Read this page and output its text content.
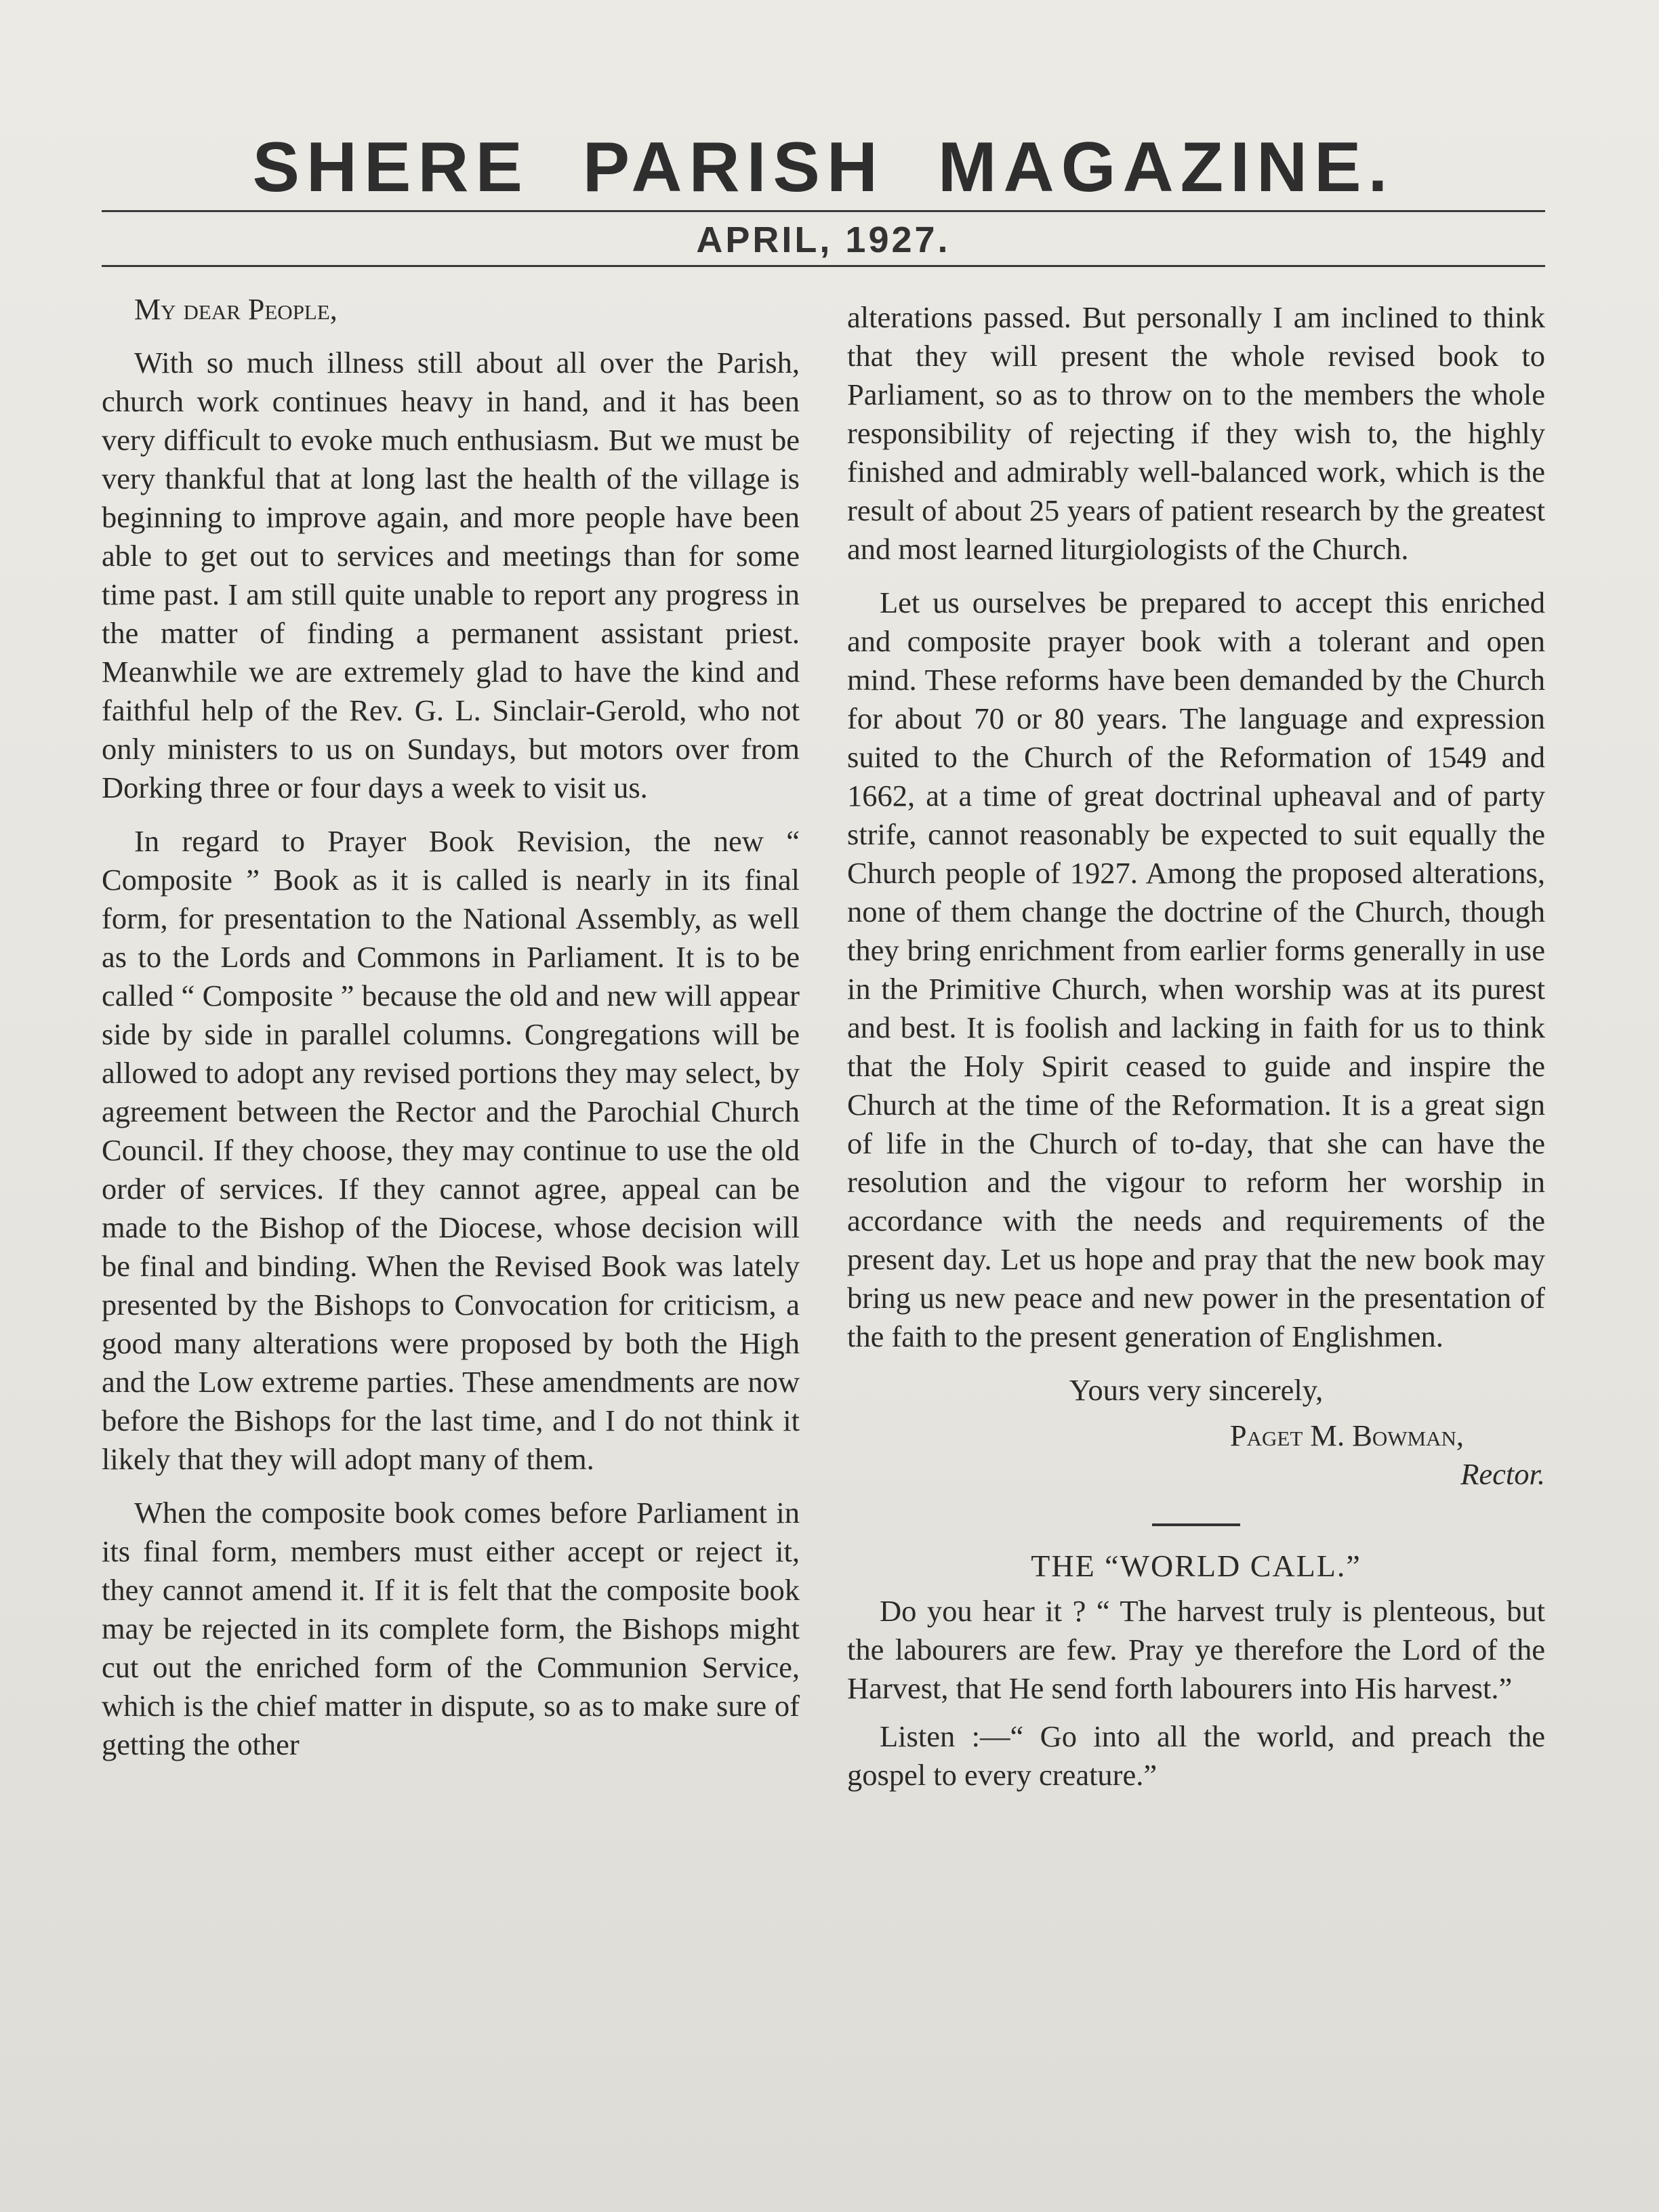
SHERE PARISH MAGAZINE.
APRIL, 1927.

My dear People,

With so much illness still about all over the Parish, church work continues heavy in hand, and it has been very difficult to evoke much enthusiasm. But we must be very thankful that at long last the health of the village is beginning to improve again, and more people have been able to get out to services and meetings than for some time past. I am still quite unable to report any progress in the matter of finding a permanent assistant priest. Meanwhile we are extremely glad to have the kind and faithful help of the Rev. G. L. Sinclair-Gerold, who not only ministers to us on Sundays, but motors over from Dorking three or four days a week to visit us.

In regard to Prayer Book Revision, the new “ Composite ” Book as it is called is nearly in its final form, for presentation to the National Assembly, as well as to the Lords and Commons in Parliament. It is to be called “ Composite ” because the old and new will appear side by side in parallel columns. Congregations will be allowed to adopt any revised portions they may select, by agreement between the Rector and the Parochial Church Council. If they choose, they may continue to use the old order of services. If they cannot agree, appeal can be made to the Bishop of the Diocese, whose decision will be final and binding. When the Revised Book was lately presented by the Bishops to Convocation for criticism, a good many alterations were proposed by both the High and the Low extreme parties. These amendments are now before the Bishops for the last time, and I do not think it likely that they will adopt many of them.

When the composite book comes before Parliament in its final form, members must either accept or reject it, they cannot amend it. If it is felt that the composite book may be rejected in its complete form, the Bishops might cut out the enriched form of the Communion Service, which is the chief matter in dispute, so as to make sure of getting the other

alterations passed. But personally I am inclined to think that they will present the whole revised book to Parliament, so as to throw on to the members the whole responsibility of rejecting if they wish to, the highly finished and admirably well-balanced work, which is the result of about 25 years of patient research by the greatest and most learned liturgiologists of the Church.

Let us ourselves be prepared to accept this enriched and composite prayer book with a tolerant and open mind. These reforms have been demanded by the Church for about 70 or 80 years. The language and expression suited to the Church of the Reformation of 1549 and 1662, at a time of great doctrinal upheaval and of party strife, cannot reasonably be expected to suit equally the Church people of 1927. Among the proposed alterations, none of them change the doctrine of the Church, though they bring enrichment from earlier forms generally in use in the Primitive Church, when worship was at its purest and best. It is foolish and lacking in faith for us to think that the Holy Spirit ceased to guide and inspire the Church at the time of the Reformation. It is a great sign of life in the Church of to-day, that she can have the resolution and the vigour to reform her worship in accordance with the needs and requirements of the present day. Let us hope and pray that the new book may bring us new peace and new power in the presentation of the faith to the present generation of Englishmen.

Yours very sincerely,
Paget M. Bowman,
Rector.
THE “WORLD CALL.”

Do you hear it ? “ The harvest truly is plenteous, but the labourers are few. Pray ye therefore the Lord of the Harvest, that He send forth labourers into His harvest.”

Listen :—“ Go into all the world, and preach the gospel to every creature.”
